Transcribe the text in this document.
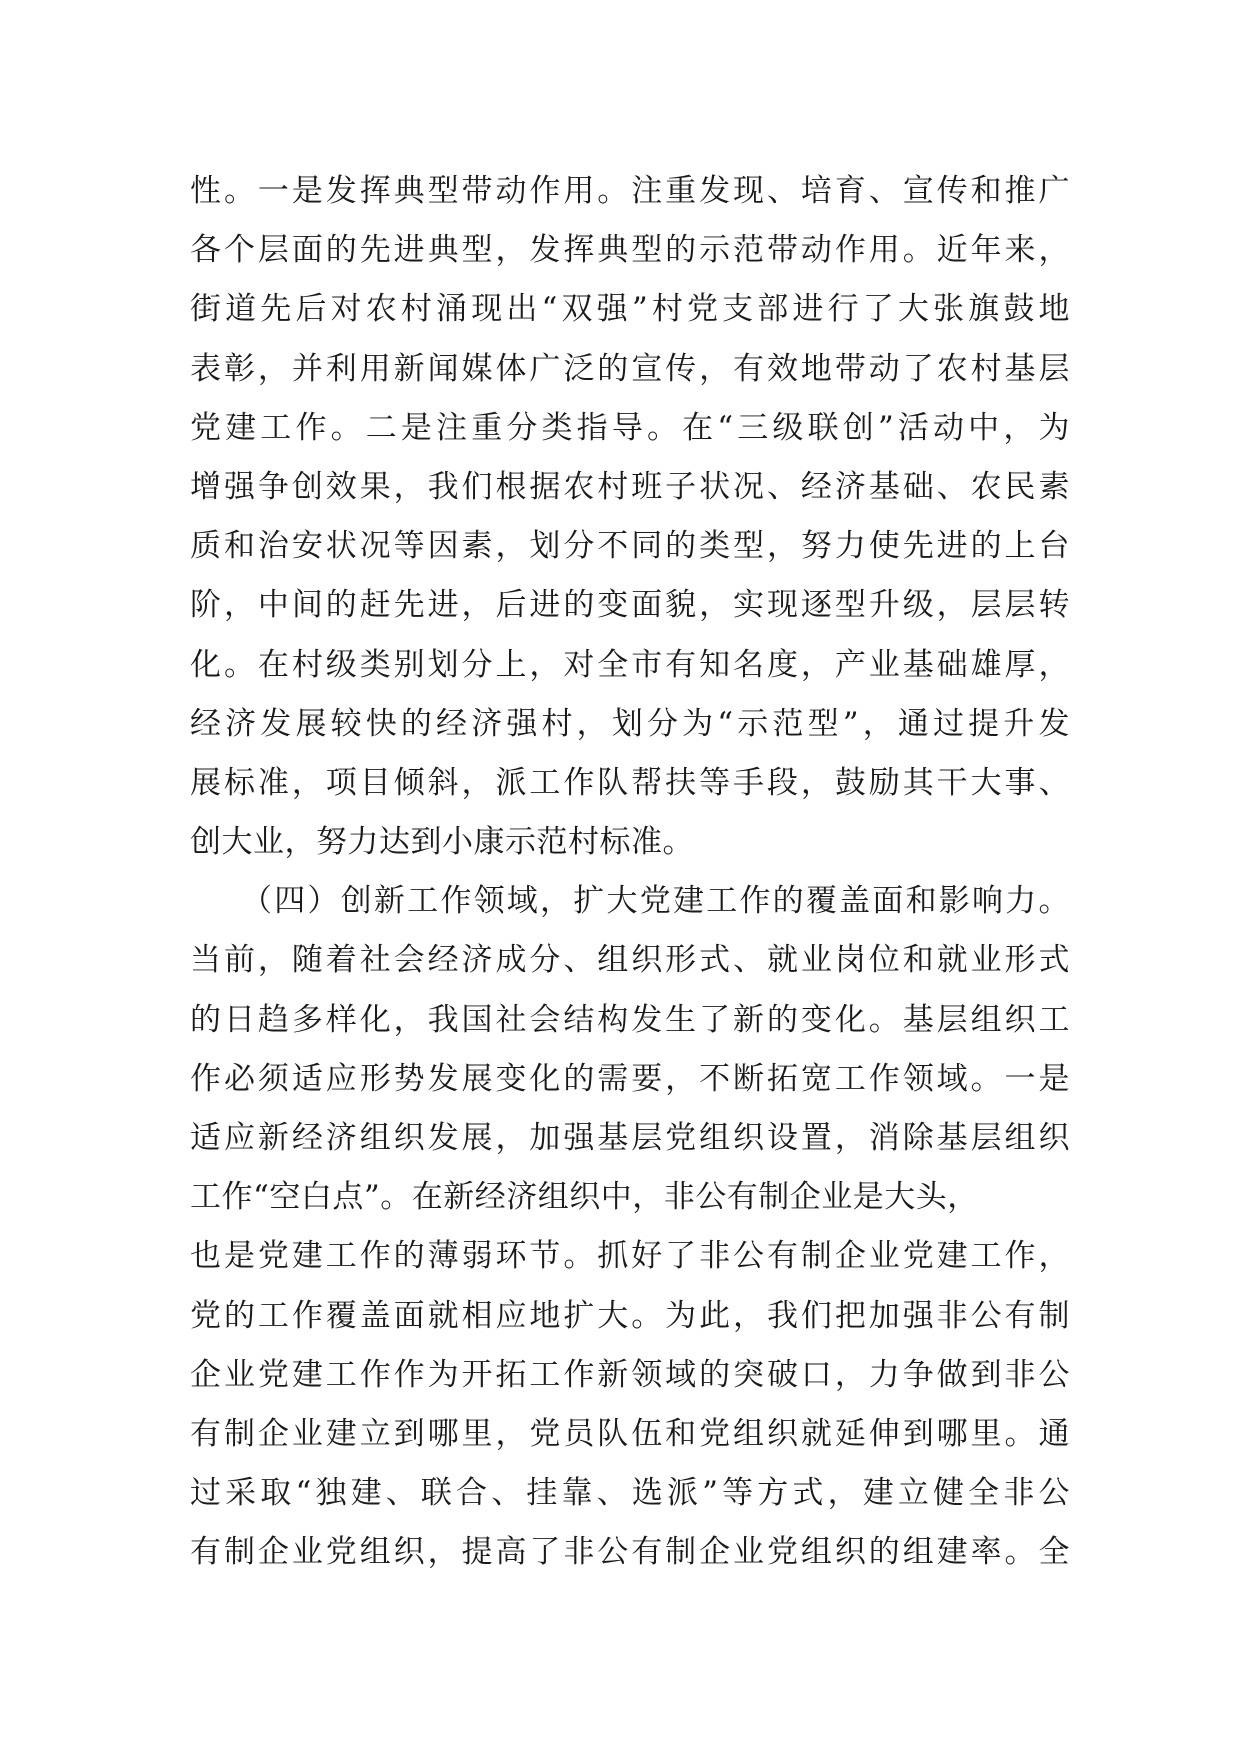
性。一是发挥典型带动作用。注重发现、培育、宣传和推广
各个层面的先进典型，发挥典型的示范带动作用。近年来，
街道先后对农村涌现出“双强”村党支部进行了大张旗鼓地
表彰，并利用新闻媒体广泛的宣传，有效地带动了农村基层
党建工作。二是注重分类指导。在“三级联创”活动中，为
增强争创效果，我们根据农村班子状况、经济基础、农民素
质和治安状况等因素，划分不同的类型，努力使先进的上台
阶，中间的赶先进，后进的变面貌，实现逐型升级，层层转
化。在村级类别划分上，对全市有知名度，产业基础雄厚，
经济发展较快的经济强村，划分为“示范型”，通过提升发
展标准，项目倾斜，派工作队帮扶等手段，鼓励其干大事、
创大业，努力达到小康示范村标准。
　　（四）创新工作领域，扩大党建工作的覆盖面和影响力。
当前，随着社会经济成分、组织形式、就业岗位和就业形式
的日趋多样化，我国社会结构发生了新的变化。基层组织工
作必须适应形势发展变化的需要，不断拓宽工作领域。一是
适应新经济组织发展，加强基层党组织设置，消除基层组织
工作“空白点”。在新经济组织中，非公有制企业是大头，
也是党建工作的薄弱环节。抓好了非公有制企业党建工作，
党的工作覆盖面就相应地扩大。为此，我们把加强非公有制
企业党建工作作为开拓工作新领域的突破口，力争做到非公
有制企业建立到哪里，党员队伍和党组织就延伸到哪里。通
过采取“独建、联合、挂靠、选派”等方式，建立健全非公
有制企业党组织，提高了非公有制企业党组织的组建率。全
